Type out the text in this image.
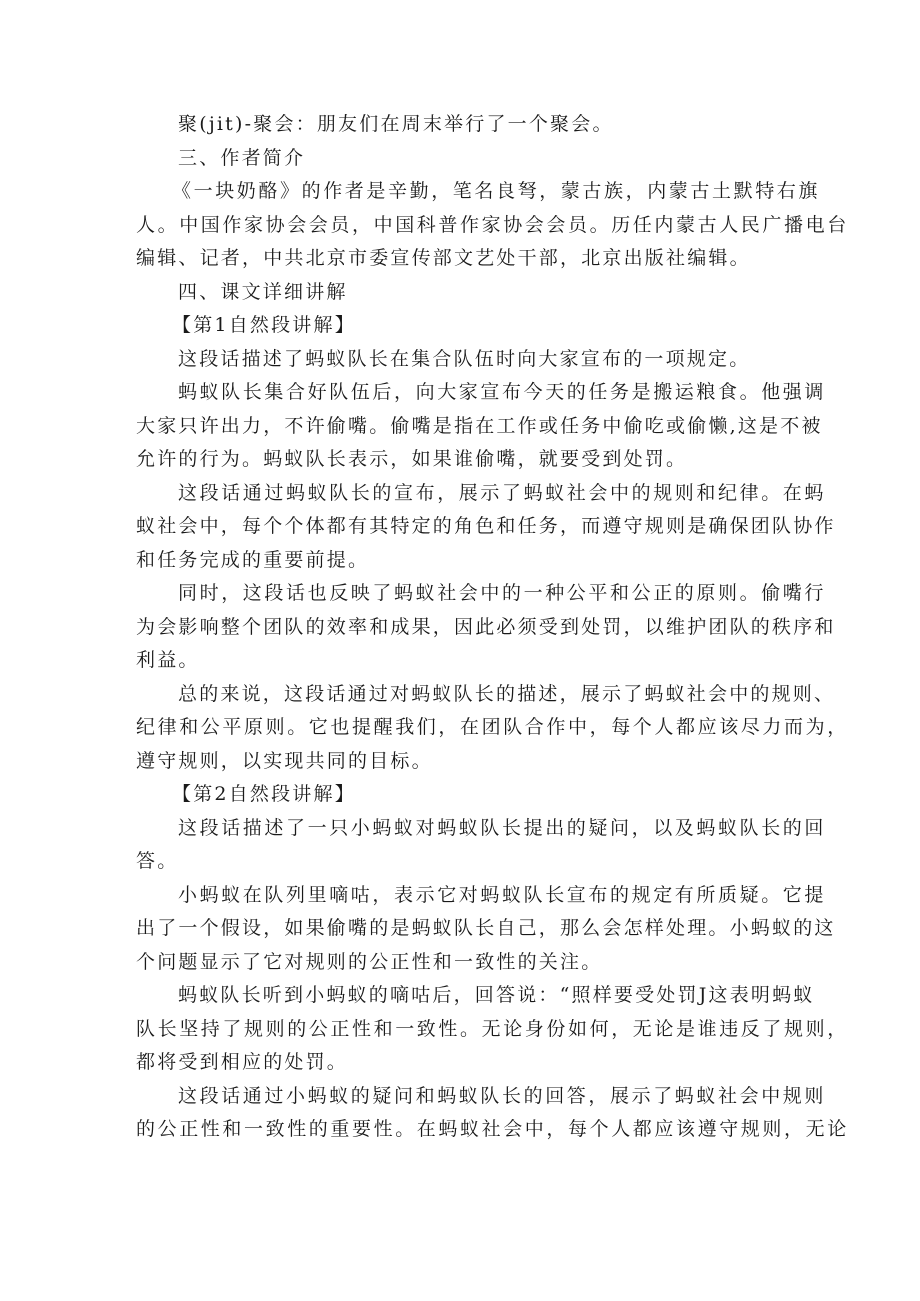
聚(jit)-聚会：朋友们在周末举行了一个聚会。
三、作者简介
《一块奶酪》的作者是辛勤，笔名良弩，蒙古族，内蒙古土默特右旗
人。中国作家协会会员，中国科普作家协会会员。历任内蒙古人民广播电台
编辑、记者，中共北京市委宣传部文艺处干部，北京出版社编辑。
四、课文详细讲解
【第1自然段讲解】
这段话描述了蚂蚁队长在集合队伍时向大家宣布的一项规定。
蚂蚁队长集合好队伍后，向大家宣布今天的任务是搬运粮食。他强调
大家只许出力，不许偷嘴。偷嘴是指在工作或任务中偷吃或偷懒,这是不被
允许的行为。蚂蚁队长表示，如果谁偷嘴，就要受到处罚。
这段话通过蚂蚁队长的宣布，展示了蚂蚁社会中的规则和纪律。在蚂
蚁社会中，每个个体都有其特定的角色和任务，而遵守规则是确保团队协作
和任务完成的重要前提。
同时，这段话也反映了蚂蚁社会中的一种公平和公正的原则。偷嘴行
为会影响整个团队的效率和成果，因此必须受到处罚，以维护团队的秩序和
利益。
总的来说，这段话通过对蚂蚁队长的描述，展示了蚂蚁社会中的规则、
纪律和公平原则。它也提醒我们，在团队合作中，每个人都应该尽力而为，
遵守规则，以实现共同的目标。
【第2自然段讲解】
这段话描述了一只小蚂蚁对蚂蚁队长提出的疑问，以及蚂蚁队长的回
答。
小蚂蚁在队列里嘀咕，表示它对蚂蚁队长宣布的规定有所质疑。它提
出了一个假设，如果偷嘴的是蚂蚁队长自己，那么会怎样处理。小蚂蚁的这
个问题显示了它对规则的公正性和一致性的关注。
蚂蚁队长听到小蚂蚁的嘀咕后，回答说：“照样要受处罚J这表明蚂蚁
队长坚持了规则的公正性和一致性。无论身份如何，无论是谁违反了规则，
都将受到相应的处罚。
这段话通过小蚂蚁的疑问和蚂蚁队长的回答，展示了蚂蚁社会中规则
的公正性和一致性的重要性。在蚂蚁社会中，每个人都应该遵守规则，无论
